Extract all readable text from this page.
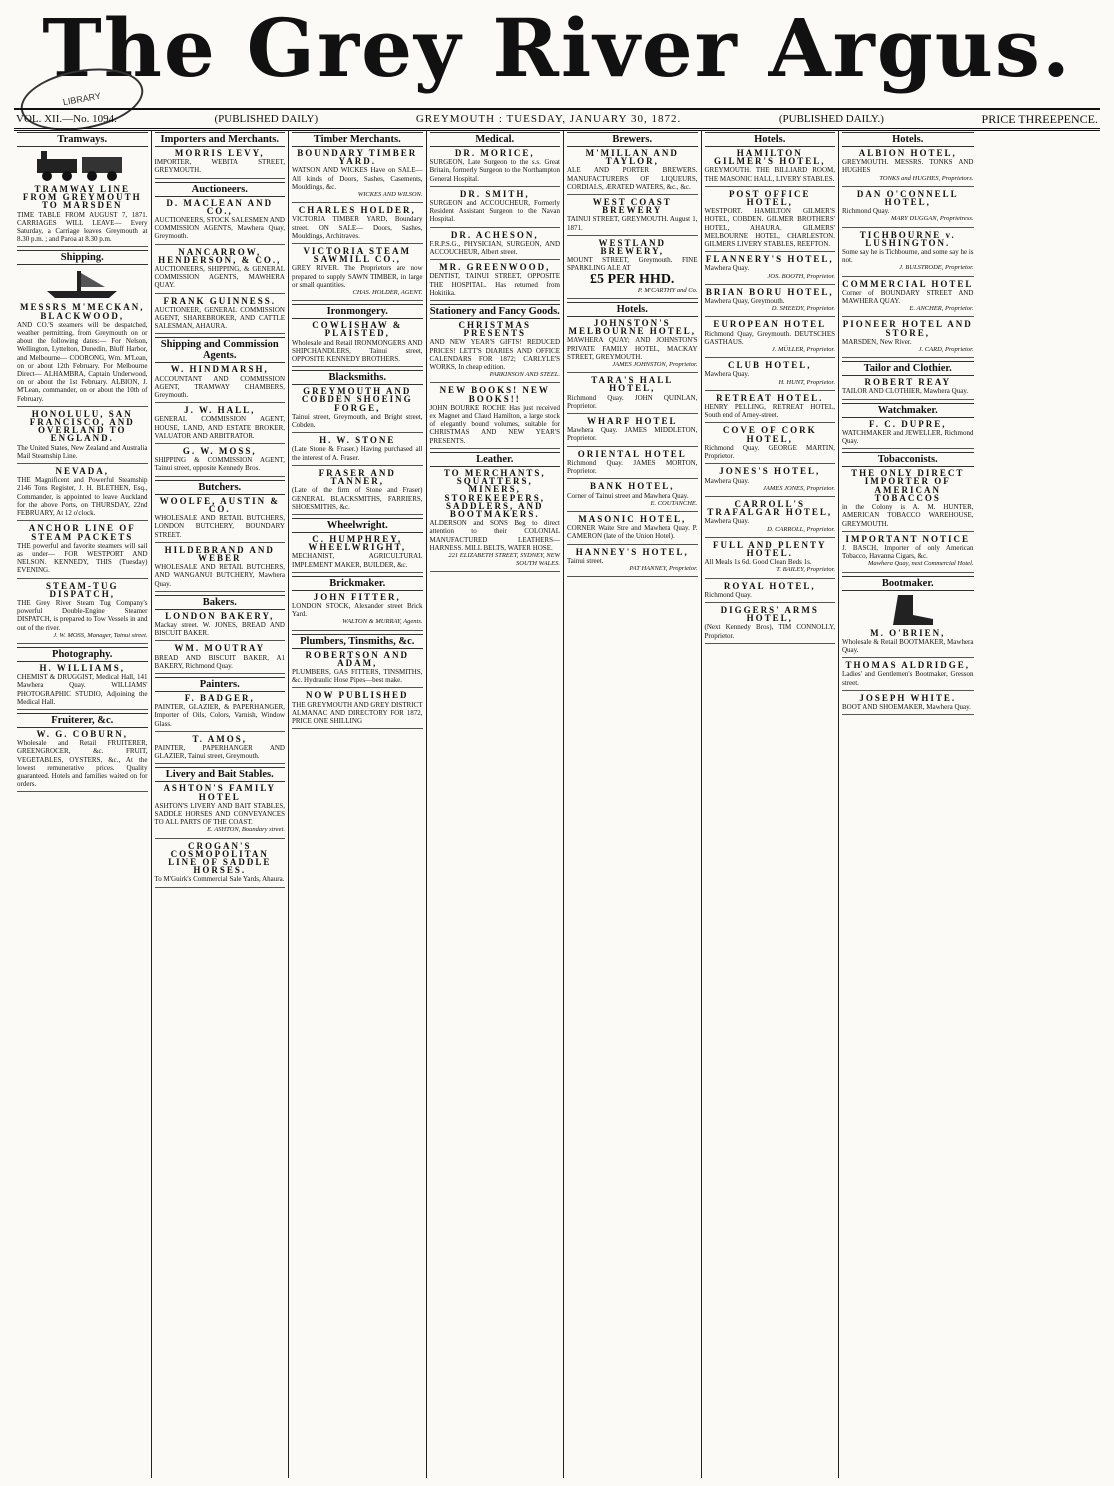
The Grey River Argus.
LIBRARY
VOL. XII.—No. 1094.	(PUBLISHED DAILY)	GREYMOUTH : TUESDAY, JANUARY 30, 1872.	(PUBLISHED DAILY.)	PRICE THREEPENCE.
Tramways.
TRAMWAY LINE FROM GREYMOUTH TO MARSDEN
TIME TABLE FROM AUGUST 7, 1871. CARRIAGES WILL LEAVE— Every Saturday, a Carriage leaves Greymouth at 8.30 p.m. ; and Paroa at 8.30 p.m.
Shipping.
MESSRS M'MECKAN, BLACKWOOD,
AND CO.'S steamers will be despatched, weather permitting, from Greymouth on or about the following dates:— For Nelson, Wellington, Lyttelton, Dunedin, Bluff Harbor, and Melbourne— COORONG, Wm. M'Lean, on or about 12th February. For Melbourne Direct— ALHAMBRA, Captain Underwood, on or about the 1st February. ALBION, J. M'Lean, commander, on or about the 10th of February.
HONOLULU, SAN FRANCISCO, AND OVERLAND TO ENGLAND.
The United States, New Zealand and Australia Mail Steamship Line.
NEVADA,
THE Magnificent and Powerful Steamship 2146 Tons Register, J. H. BLETHEN, Esq., Commander, is appointed to leave Auckland for the above Ports, on THURSDAY, 22nd FEBRUARY, At 12 o'clock.
ANCHOR LINE OF STEAM PACKETS
THE powerful and favorite steamers will sail as under— FOR WESTPORT AND NELSON. KENNEDY, THIS (Tuesday) EVENING.
STEAM-TUG DISPATCH,
THE Grey River Steam Tug Company's powerful Double-Engine Steamer DISPATCH, is prepared to Tow Vessels in and out of the river.
J. W. MOSS, Manager, Tainui street.
Photography.
H. WILLIAMS,
CHEMIST & DRUGGIST, Medical Hall, 141 Mawhera Quay. WILLIAMS' PHOTOGRAPHIC STUDIO, Adjoining the Medical Hall.
Fruiterer, &c.
W. G. COBURN,
Wholesale and Retail FRUITERER, GREENGROCER, &c. FRUIT, VEGETABLES, OYSTERS, &c., At the lowest remunerative prices. Quality guaranteed. Hotels and families waited on for orders.
Importers and Merchants.
MORRIS LEVY,
IMPORTER, WEBITA STREET, GREYMOUTH.
Auctioneers.
D. MACLEAN AND CO.,
AUCTIONEERS, STOCK SALESMEN AND COMMISSION AGENTS, Mawhera Quay, Greymouth.
NANCARROW, HENDERSON, & CO.,
AUCTIONEERS, SHIPPING, & GENERAL COMMISSION AGENTS, MAWHERA QUAY.
FRANK GUINNESS.
AUCTIONEER, GENERAL COMMISSION AGENT, SHAREBROKER, AND CATTLE SALESMAN, AHAURA.
Shipping and Commission Agents.
W. HINDMARSH,
ACCOUNTANT AND COMMISSION AGENT, TRAMWAY CHAMBERS, Greymouth.
J. W. HALL,
GENERAL COMMISSION AGENT, HOUSE, LAND, AND ESTATE BROKER, VALUATOR AND ARBITRATOR.
G. W. MOSS,
SHIPPING & COMMISSION AGENT, Tainui street, opposite Kennedy Bros.
Butchers.
WOOLFE, AUSTIN & CO.
WHOLESALE AND RETAIL BUTCHERS, LONDON BUTCHERY, BOUNDARY STREET.
HILDEBRAND AND WEBER
WHOLESALE AND RETAIL BUTCHERS, AND WANGANUI BUTCHERY, Mawhera Quay.
Bakers.
LONDON BAKERY,
Mackay street. W. JONES, BREAD AND BISCUIT BAKER.
WM. MOUTRAY
BREAD AND BISCUIT BAKER, A1 BAKERY, Richmond Quay.
Painters.
F. BADGER,
PAINTER, GLAZIER, & PAPERHANGER, Importer of Oils, Colors, Varnish, Window Glass.
T. AMOS,
PAINTER, PAPERHANGER AND GLAZIER, Tainui street, Greymouth.
Livery and Bait Stables.
ASHTON'S FAMILY HOTEL
ASHTON'S LIVERY AND BAIT STABLES, SADDLE HORSES AND CONVEYANCES TO ALL PARTS OF THE COAST.
E. ASHTON, Boundary street.
CROGAN'S COSMOPOLITAN LINE OF SADDLE HORSES.
To M'Guirk's Commercial Sale Yards, Ahaura.
Timber Merchants.
BOUNDARY TIMBER YARD.
WATSON AND WICKES Have on SALE— All kinds of Doors, Sashes, Casements, Mouldings, &c.
WICKES AND WILSON.
CHARLES HOLDER,
VICTORIA TIMBER YARD, Boundary street. ON SALE— Doors, Sashes, Mouldings, Architraves.
VICTORIA STEAM SAWMILL CO.,
GREY RIVER. The Proprietors are now prepared to supply SAWN TIMBER, in large or small quantities.
CHAS. HOLDER, AGENT.
Ironmongery.
COWLISHAW & PLAISTED,
Wholesale and Retail IRONMONGERS AND SHIPCHANDLERS, Tainui street, OPPOSITE KENNEDY BROTHERS.
Blacksmiths.
GREYMOUTH AND COBDEN SHOEING FORGE,
Tainui street, Greymouth, and Bright street, Cobden.
H. W. STONE
(Late Stone & Fraser.) Having purchased all the interest of A. Fraser.
FRASER AND TANNER,
(Late of the firm of Stone and Fraser) GENERAL BLACKSMITHS, FARRIERS, SHOESMITHS, &c.
Wheelwright.
C. HUMPHREY, WHEELWRIGHT,
MECHANIST, AGRICULTURAL IMPLEMENT MAKER, BUILDER, &c.
Brickmaker.
JOHN FITTER,
LONDON STOCK, Alexander street Brick Yard.
WALTON & MURRAY, Agents.
Plumbers, Tinsmiths, &c.
ROBERTSON AND ADAM,
PLUMBERS, GAS FITTERS, TINSMITHS, &c. Hydraulic Hose Pipes—best make.
NOW PUBLISHED
THE GREYMOUTH AND GREY DISTRICT ALMANAC AND DIRECTORY FOR 1872, PRICE ONE SHILLING
Medical.
DR. MORICE,
SURGEON, Late Surgeon to the s.s. Great Britain, formerly Surgeon to the Northampton General Hospital.
DR. SMITH,
SURGEON and ACCOUCHEUR, Formerly Resident Assistant Surgeon to the Navan Hospital.
DR. ACHESON,
F.R.P.S.G., PHYSICIAN, SURGEON, AND ACCOUCHEUR, Albert street.
MR. GREENWOOD,
DENTIST, TAINUI STREET, OPPOSITE THE HOSPITAL. Has returned from Hokitika.
Stationery and Fancy Goods.
CHRISTMAS PRESENTS
AND NEW YEAR'S GIFTS! REDUCED PRICES! LETT'S DIARIES AND OFFICE CALENDARS FOR 1872; CARLYLE'S WORKS, In cheap edition.
PARKINSON AND STEEL.
NEW BOOKS! NEW BOOKS!!
JOHN BOURKE ROCHE Has just received ex Magnet and Claud Hamilton, a large stock of elegantly bound volumes, suitable for CHRISTMAS AND NEW YEAR'S PRESENTS.
Leather.
TO MERCHANTS, SQUATTERS, MINERS, STOREKEEPERS, SADDLERS, AND BOOTMAKERS.
ALDERSON and SONS Beg to direct attention to their COLONIAL MANUFACTURED LEATHERS— HARNESS. MILL BELTS, WATER HOSE.
221 ELIZABETH STREET, SYDNEY, NEW SOUTH WALES.
Brewers.
M'MILLAN AND TAYLOR,
ALE AND PORTER BREWERS. MANUFACTURERS OF LIQUEURS, CORDIALS, ÆRATED WATERS, &c., &c.
WEST COAST BREWERY
TAINUI STREET, GREYMOUTH. August 1, 1871.
WESTLAND BREWERY,
MOUNT STREET, Greymouth. FINE SPARKLING ALE AT
£5 PER HHD.
P. M'CARTHY and Co.
Hotels.
JOHNSTON'S MELBOURNE HOTEL,
MAWHERA QUAY; AND JOHNSTON'S PRIVATE FAMILY HOTEL, MACKAY STREET, GREYMOUTH.
JAMES JOHNSTON, Proprietor.
TARA'S HALL HOTEL,
Richmond Quay. JOHN QUINLAN, Proprietor.
WHARF HOTEL
Mawhera Quay. JAMES MIDDLETON, Proprietor.
ORIENTAL HOTEL
Richmond Quay. JAMES MORTON, Proprietor.
BANK HOTEL,
Corner of Tainui street and Mawhera Quay.
E. COUTANCHE.
MASONIC HOTEL,
CORNER Waite Stre and Mawhera Quay. P. CAMERON (late of the Union Hotel).
HANNEY'S HOTEL,
Tainui street.
PAT HANNEY, Proprietor.
Hotels.
HAMILTON GILMER'S HOTEL,
GREYMOUTH. THE BILLIARD ROOM, THE MASONIC HALL, LIVERY STABLES.
POST OFFICE HOTEL,
WESTPORT. HAMILTON GILMER'S HOTEL, COBDEN. GILMER BROTHERS' HOTEL, AHAURA. GILMERS' MELBOURNE HOTEL, CHARLESTON. GILMERS LIVERY STABLES, REEFTON.
FLANNERY'S HOTEL,
Mawhera Quay.
JOS. BOOTH, Proprietor.
BRIAN BORU HOTEL,
Mawhera Quay, Greymouth.
D. SHEEDY, Proprietor.
EUROPEAN HOTEL
Richmond Quay, Greymouth. DEUTSCHES GASTHAUS.
J. MÜLLER, Proprietor.
CLUB HOTEL,
Mawhera Quay.
H. HUNT, Proprietor.
RETREAT HOTEL.
HENRY PELLING, RETREAT HOTEL, South end of Arney-street.
COVE OF CORK HOTEL,
Richmond Quay. GEORGE MARTIN, Proprietor.
JONES'S HOTEL,
Mawhera Quay.
JAMES JONES, Proprietor.
CARROLL'S TRAFALGAR HOTEL,
Mawhera Quay.
D. CARROLL, Proprietor.
FULL AND PLENTY HOTEL.
All Meals 1s 6d. Good Clean Beds 1s.
T. BAILEY, Proprietor.
ROYAL HOTEL,
Richmond Quay.
DIGGERS' ARMS HOTEL,
(Next Kennedy Bros), TIM CONNOLLY, Proprietor.
Hotels.
ALBION HOTEL,
GREYMOUTH. MESSRS. TONKS AND HUGHES
TONKS and HUGHES, Proprietors.
DAN O'CONNELL HOTEL,
Richmond Quay.
MARY DUGGAN, Proprietress.
TICHBOURNE v. LUSHINGTON.
Some say he is Tichbourne, and some say he is not.
J. BULSTRODE, Proprietor.
COMMERCIAL HOTEL
Corner of BOUNDARY STREET AND MAWHERA QUAY.
E. ANCHER, Proprietor.
PIONEER HOTEL AND STORE,
MARSDEN, New River.
J. CARD, Proprietor.
Tailor and Clothier.
ROBERT REAY
TAILOR AND CLOTHIER, Mawhera Quay.
Watchmaker.
F. C. DUPRE,
WATCHMAKER and JEWELLER, Richmond Quay.
Tobacconists.
THE ONLY DIRECT IMPORTER OF AMERICAN TOBACCOS
in the Colony is A. M. HUNTER, AMERICAN TOBACCO WAREHOUSE, GREYMOUTH.
IMPORTANT NOTICE
J. BASCH, Importer of only American Tobacco, Havanna Cigars, &c.
Mawhera Quay, next Commercial Hotel.
Bootmaker.
M. O'BRIEN,
Wholesale & Retail BOOTMAKER, Mawhera Quay.
THOMAS ALDRIDGE,
Ladies' and Gentlemen's Bootmaker, Gresson street.
JOSEPH WHITE.
BOOT AND SHOEMAKER, Mawhera Quay.
